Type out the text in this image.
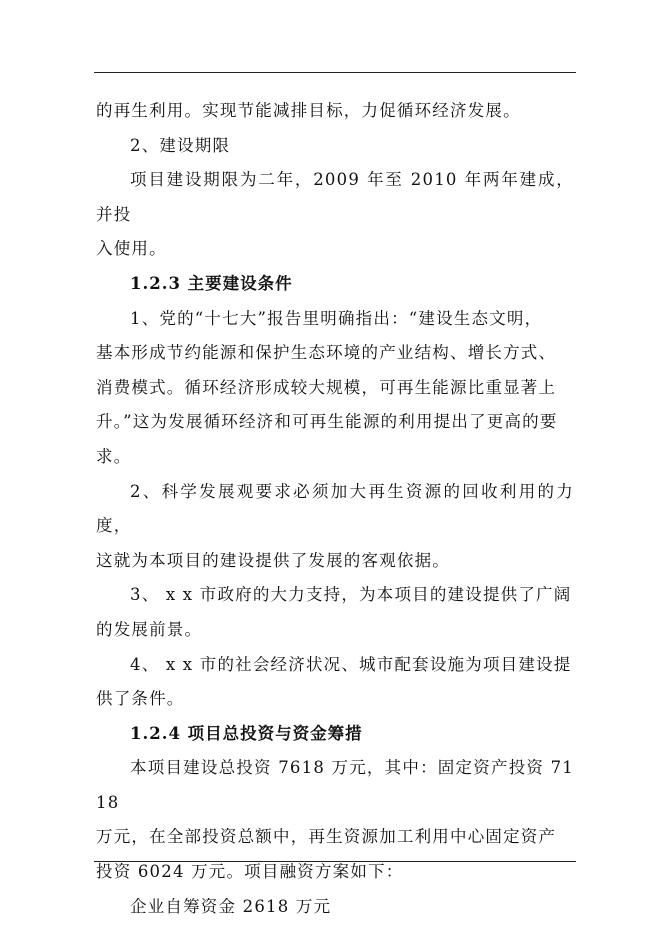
的再生利用。实现节能减排目标，力促循环经济发展。

2、建设期限

项目建设期限为二年，2009 年至 2010 年两年建成，并投

入使用。

1.2.3 主要建设条件

1、党的“十七大”报告里明确指出：“建设生态文明，

基本形成节约能源和保护生态环境的产业结构、增长方式、

消费模式。循环经济形成较大规模，可再生能源比重显著上

升。”这为发展循环经济和可再生能源的利用提出了更高的要

求。

2、科学发展观要求必须加大再生资源的回收利用的力度，

这就为本项目的建设提供了发展的客观依据。

3、 x x 市政府的大力支持，为本项目的建设提供了广阔

的发展前景。

4、 x x 市的社会经济状况、城市配套设施为项目建设提

供了条件。

1.2.4 项目总投资与资金筹措

本项目建设总投资 7618 万元，其中：固定资产投资 7118

万元，在全部投资总额中，再生资源加工利用中心固定资产

投资 6024 万元。项目融资方案如下：

企业自筹资金 2618 万元
